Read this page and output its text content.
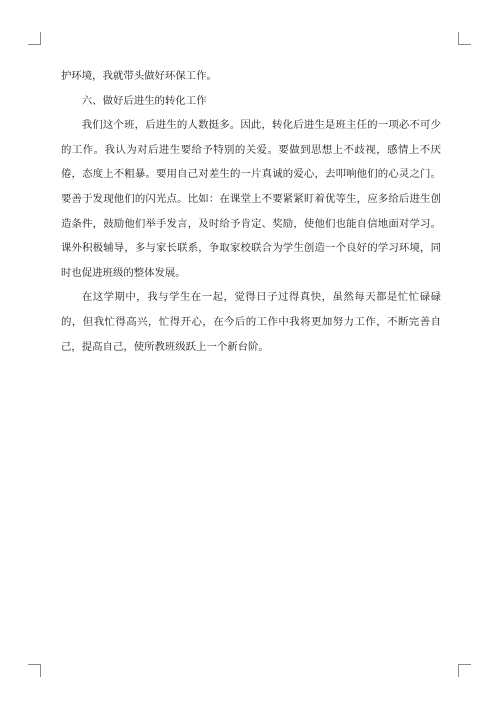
护环境，我就带头做好环保工作。

六、做好后进生的转化工作

我们这个班，后进生的人数挺多。因此，转化后进生是班主任的一项必不可少的工作。我认为对后进生要给予特别的关爱。要做到思想上不歧视，感情上不厌倦，态度上不粗暴。要用自己对差生的一片真诚的爱心，去叩响他们的心灵之门。要善于发现他们的闪光点。比如：在课堂上不要紧紧盯着优等生，应多给后进生创造条件，鼓励他们举手发言，及时给予肯定、奖励，使他们也能自信地面对学习。课外积极辅导，多与家长联系，争取家校联合为学生创造一个良好的学习环境，同时也促进班级的整体发展。

在这学期中，我与学生在一起，觉得日子过得真快，虽然每天都是忙忙碌碌的，但我忙得高兴，忙得开心，在今后的工作中我将更加努力工作，不断完善自己，提高自己，使所教班级跃上一个新台阶。
